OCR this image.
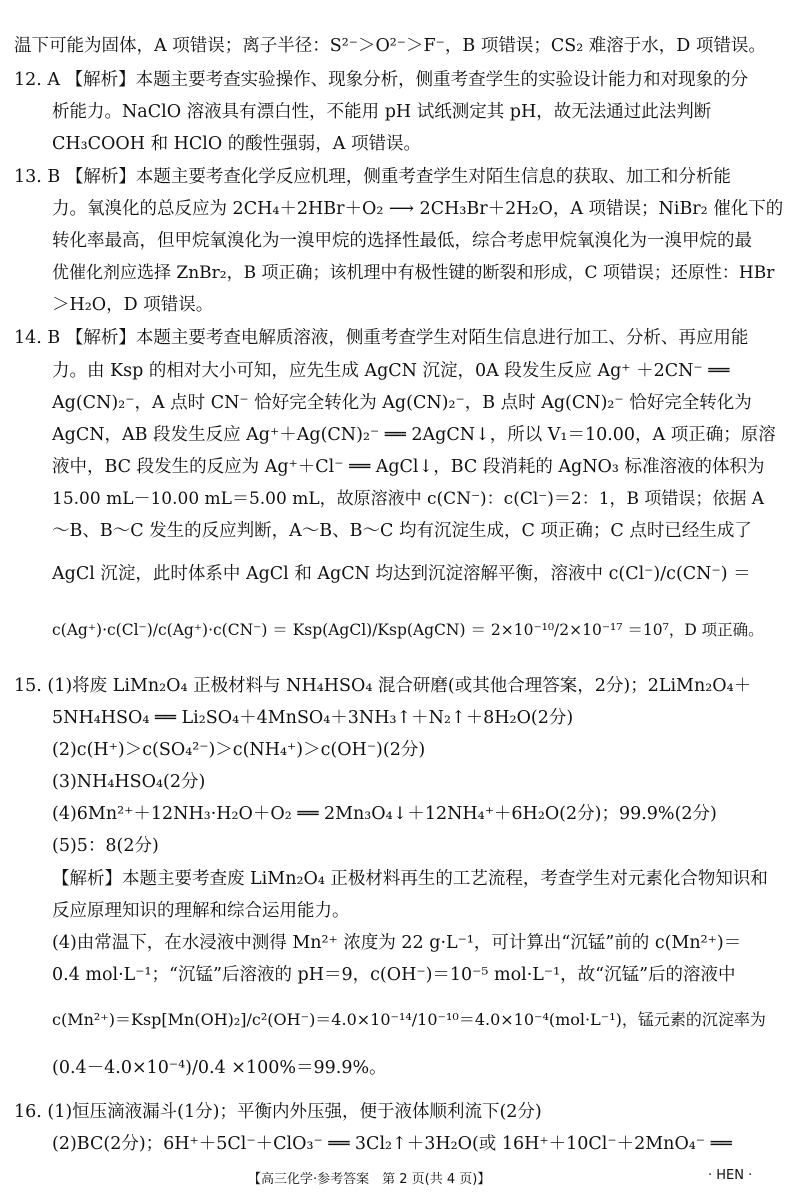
温下可能为固体，A 项错误；离子半径：S²⁻＞O²⁻＞F⁻，B 项错误；CS₂ 难溶于水，D 项错误。
12. A 【解析】本题主要考查实验操作、现象分析，侧重考查学生的实验设计能力和对现象的分
析能力。NaClO 溶液具有漂白性，不能用 pH 试纸测定其 pH，故无法通过此法判断
CH₃COOH 和 HClO 的酸性强弱，A 项错误。
13. B 【解析】本题主要考查化学反应机理，侧重考查学生对陌生信息的获取、加工和分析能
力。氧溴化的总反应为 2CH₄＋2HBr＋O₂ ⟶ 2CH₃Br＋2H₂O，A 项错误；NiBr₂ 催化下的
转化率最高，但甲烷氧溴化为一溴甲烷的选择性最低，综合考虑甲烷氧溴化为一溴甲烷的最
优催化剂应选择 ZnBr₂，B 项正确；该机理中有极性键的断裂和形成，C 项错误；还原性：HBr
＞H₂O，D 项错误。
14. B 【解析】本题主要考查电解质溶液，侧重考查学生对陌生信息进行加工、分析、再应用能
力。由 Ksp 的相对大小可知，应先生成 AgCN 沉淀，0A 段发生反应 Ag⁺ ＋2CN⁻ ══
Ag(CN)₂⁻，A 点时 CN⁻ 恰好完全转化为 Ag(CN)₂⁻，B 点时 Ag(CN)₂⁻ 恰好完全转化为
AgCN，AB 段发生反应 Ag⁺＋Ag(CN)₂⁻ ══ 2AgCN↓，所以 V₁＝10.00，A 项正确；原溶
液中，BC 段发生的反应为 Ag⁺＋Cl⁻ ══ AgCl↓，BC 段消耗的 AgNO₃ 标准溶液的体积为
15.00 mL－10.00 mL＝5.00 mL，故原溶液中 c(CN⁻)：c(Cl⁻)＝2：1，B 项错误；依据 A
～B、B～C 发生的反应判断，A～B、B～C 均有沉淀生成，C 项正确；C 点时已经生成了
AgCl 沉淀，此时体系中 AgCl 和 AgCN 均达到沉淀溶解平衡，溶液中 c(Cl⁻)/c(CN⁻) ＝
c(Ag⁺)·c(Cl⁻)/c(Ag⁺)·c(CN⁻) ＝ Ksp(AgCl)/Ksp(AgCN) ＝ 2×10⁻¹⁰/2×10⁻¹⁷ ＝10⁷，D 项正确。
15. (1)将废 LiMn₂O₄ 正极材料与 NH₄HSO₄ 混合研磨(或其他合理答案，2分)；2LiMn₂O₄＋
5NH₄HSO₄ ══ Li₂SO₄＋4MnSO₄＋3NH₃↑＋N₂↑＋8H₂O(2分)
(2)c(H⁺)＞c(SO₄²⁻)＞c(NH₄⁺)＞c(OH⁻)(2分)
(3)NH₄HSO₄(2分)
(4)6Mn²⁺＋12NH₃·H₂O＋O₂ ══ 2Mn₃O₄↓＋12NH₄⁺＋6H₂O(2分)；99.9%(2分)
(5)5：8(2分)
【解析】本题主要考查废 LiMn₂O₄ 正极材料再生的工艺流程，考查学生对元素化合物知识和
反应原理知识的理解和综合运用能力。
(4)由常温下，在水浸液中测得 Mn²⁺ 浓度为 22 g·L⁻¹，可计算出“沉锰”前的 c(Mn²⁺)＝
0.4 mol·L⁻¹；“沉锰”后溶液的 pH＝9，c(OH⁻)＝10⁻⁵ mol·L⁻¹，故“沉锰”后的溶液中
c(Mn²⁺)＝Ksp[Mn(OH)₂]/c²(OH⁻)＝4.0×10⁻¹⁴/10⁻¹⁰＝4.0×10⁻⁴(mol·L⁻¹)，锰元素的沉淀率为
(0.4－4.0×10⁻⁴)/0.4 ×100%＝99.9%。
16. (1)恒压滴液漏斗(1分)；平衡内外压强，便于液体顺利流下(2分)
(2)BC(2分)；6H⁺＋5Cl⁻＋ClO₃⁻ ══ 3Cl₂↑＋3H₂O(或 16H⁺＋10Cl⁻＋2MnO₄⁻ ══
【高三化学·参考答案　第 2 页(共 4 页)】	· HEN ·
